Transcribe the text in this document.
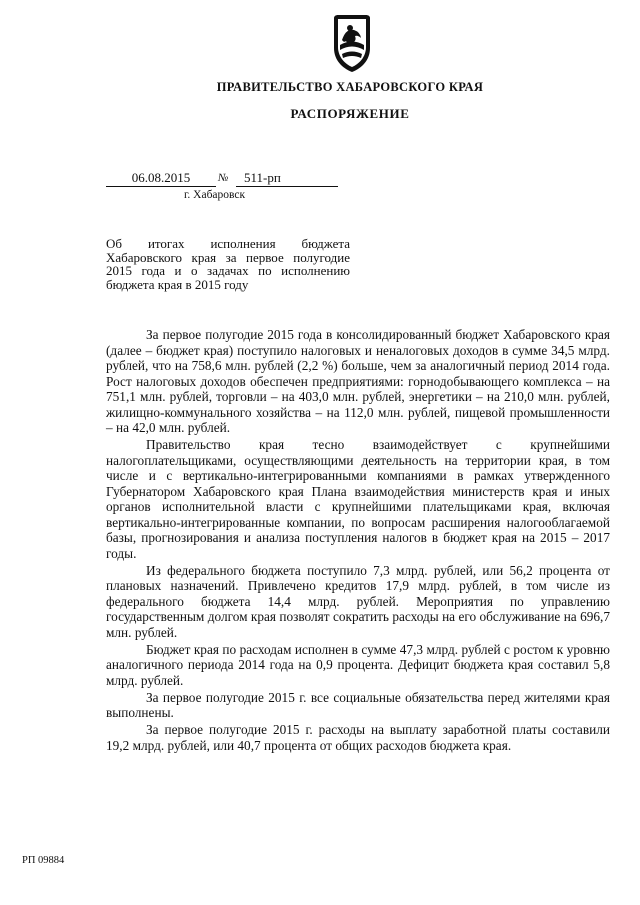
ПРАВИТЕЛЬСТВО ХАБАРОВСКОГО КРАЯ
РАСПОРЯЖЕНИЕ
06.08.2015	№	511-рп
г. Хабаровск
Об итогах исполнения бюджета Хабаровского края за первое полугодие 2015 года и о задачах по исполнению бюджета края в 2015 году

За первое полугодие 2015 года в консолидированный бюджет Хабаровского края (далее – бюджет края) поступило налоговых и неналоговых доходов в сумме 34,5 млрд. рублей, что на 758,6 млн. рублей (2,2 %) больше, чем за аналогичный период 2014 года. Рост налоговых доходов обеспечен предприятиями: горнодобывающего комплекса – на 751,1 млн. рублей, торговли – на 403,0 млн. рублей, энергетики – на 210,0 млн. рублей, жилищно-коммунального хозяйства – на 112,0 млн. рублей, пищевой промышленности – на 42,0 млн. рублей.

Правительство края тесно взаимодействует с крупнейшими налогоплательщиками, осуществляющими деятельность на территории края, в том числе и с вертикально-интегрированными компаниями в рамках утвержденного Губернатором Хабаровского края Плана взаимодействия министерств края и иных органов исполнительной власти с крупнейшими плательщиками края, включая вертикально-интегрированные компании, по вопросам расширения налогооблагаемой базы, прогнозирования и анализа поступления налогов в бюджет края на 2015 – 2017 годы.

Из федерального бюджета поступило 7,3 млрд. рублей, или 56,2 процента от плановых назначений. Привлечено кредитов 17,9 млрд. рублей, в том числе из федерального бюджета 14,4 млрд. рублей. Мероприятия по управлению государственным долгом края позволят сократить расходы на его обслуживание на 696,7 млн. рублей.

Бюджет края по расходам исполнен в сумме 47,3 млрд. рублей с ростом к уровню аналогичного периода 2014 года на 0,9 процента. Дефицит бюджета края составил 5,8 млрд. рублей.

За первое полугодие 2015 г. все социальные обязательства перед жителями края выполнены.

За первое полугодие 2015 г. расходы на выплату заработной платы составили 19,2 млрд. рублей, или 40,7 процента от общих расходов бюджета края.

РП 09884
